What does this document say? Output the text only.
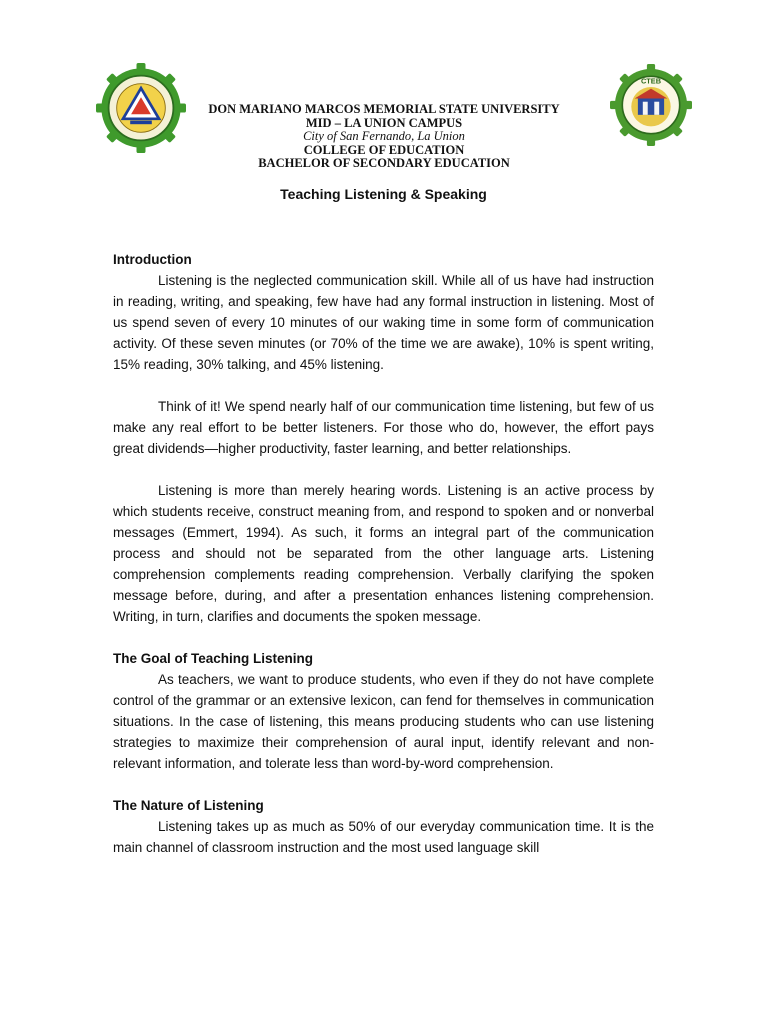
CTEB
DON MARIANO MARCOS MEMORIAL STATE UNIVERSITY
MID – LA UNION CAMPUS
City of San Fernando, La Union
COLLEGE OF EDUCATION
BACHELOR OF SECONDARY EDUCATION
Teaching Listening & Speaking

Introduction

Listening is the neglected communication skill. While all of us have had instruction in reading, writing, and speaking, few have had any formal instruction in listening. Most of us spend seven of every 10 minutes of our waking time in some form of communication activity. Of these seven minutes (or 70% of the time we are awake), 10% is spent writing, 15% reading, 30% talking, and 45% listening.

Think of it! We spend nearly half of our communication time listening, but few of us make any real effort to be better listeners. For those who do, however, the effort pays great dividends—higher productivity, faster learning, and better relationships.

Listening is more than merely hearing words. Listening is an active process by which students receive, construct meaning from, and respond to spoken and or nonverbal messages (Emmert, 1994). As such, it forms an integral part of the communication process and should not be separated from the other language arts. Listening comprehension complements reading comprehension. Verbally clarifying the spoken message before, during, and after a presentation enhances listening comprehension. Writing, in turn, clarifies and documents the spoken message.

The Goal of Teaching Listening

As teachers, we want to produce students, who even if they do not have complete control of the grammar or an extensive lexicon, can fend for themselves in communication situations. In the case of listening, this means producing students who can use listening strategies to maximize their comprehension of aural input, identify relevant and non-relevant information, and tolerate less than word-by-word comprehension.

The Nature of Listening

Listening takes up as much as 50% of our everyday communication time. It is the main channel of classroom instruction and the most used language skill
